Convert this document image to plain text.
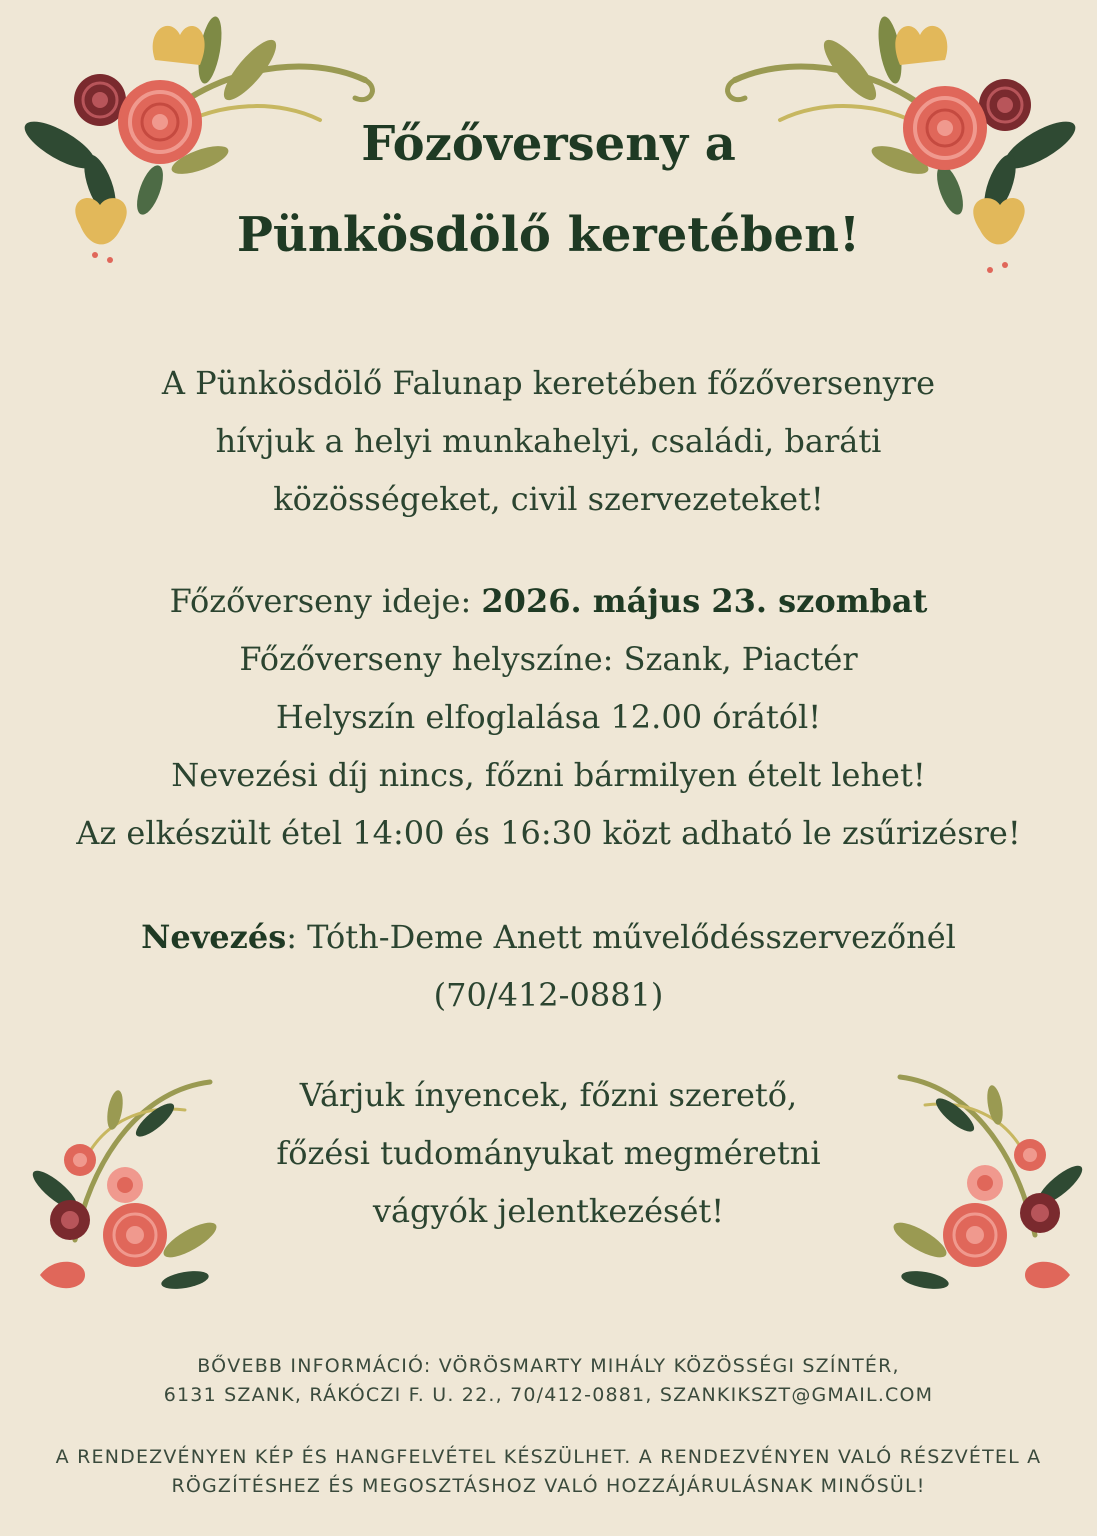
Főzőverseny a
Pünkösdölő keretében!
A Pünkösdölő Falunap keretében főzőversenyre
hívjuk a helyi munkahelyi, családi, baráti
közösségeket, civil szervezeteket!
Főzőverseny ideje: 2026. május 23. szombat
Főzőverseny helyszíne: Szank, Piactér
Helyszín elfoglalása 12.00 órától!
Nevezési díj nincs, főzni bármilyen ételt lehet!
Az elkészült étel 14:00 és 16:30 közt adható le zsűrizésre!
Nevezés: Tóth-Deme Anett művelődésszervezőnél
(70/412-0881)
Várjuk ínyencek, főzni szerető,
főzési tudományukat megméretni
vágyók jelentkezését!
BŐVEBB INFORMÁCIÓ: VÖRÖSMARTY MIHÁLY KÖZÖSSÉGI SZÍNTÉR,
6131 SZANK, RÁKÓCZI F. U. 22., 70/412-0881, SZANKIKSZT@GMAIL.COM
A RENDEZVÉNYEN KÉP ÉS HANGFELVÉTEL KÉSZÜLHET. A RENDEZVÉNYEN VALÓ RÉSZVÉTEL A
RÖGZÍTÉSHEZ ÉS MEGOSZTÁSHOZ VALÓ HOZZÁJÁRULÁSNAK MINŐSÜL!
